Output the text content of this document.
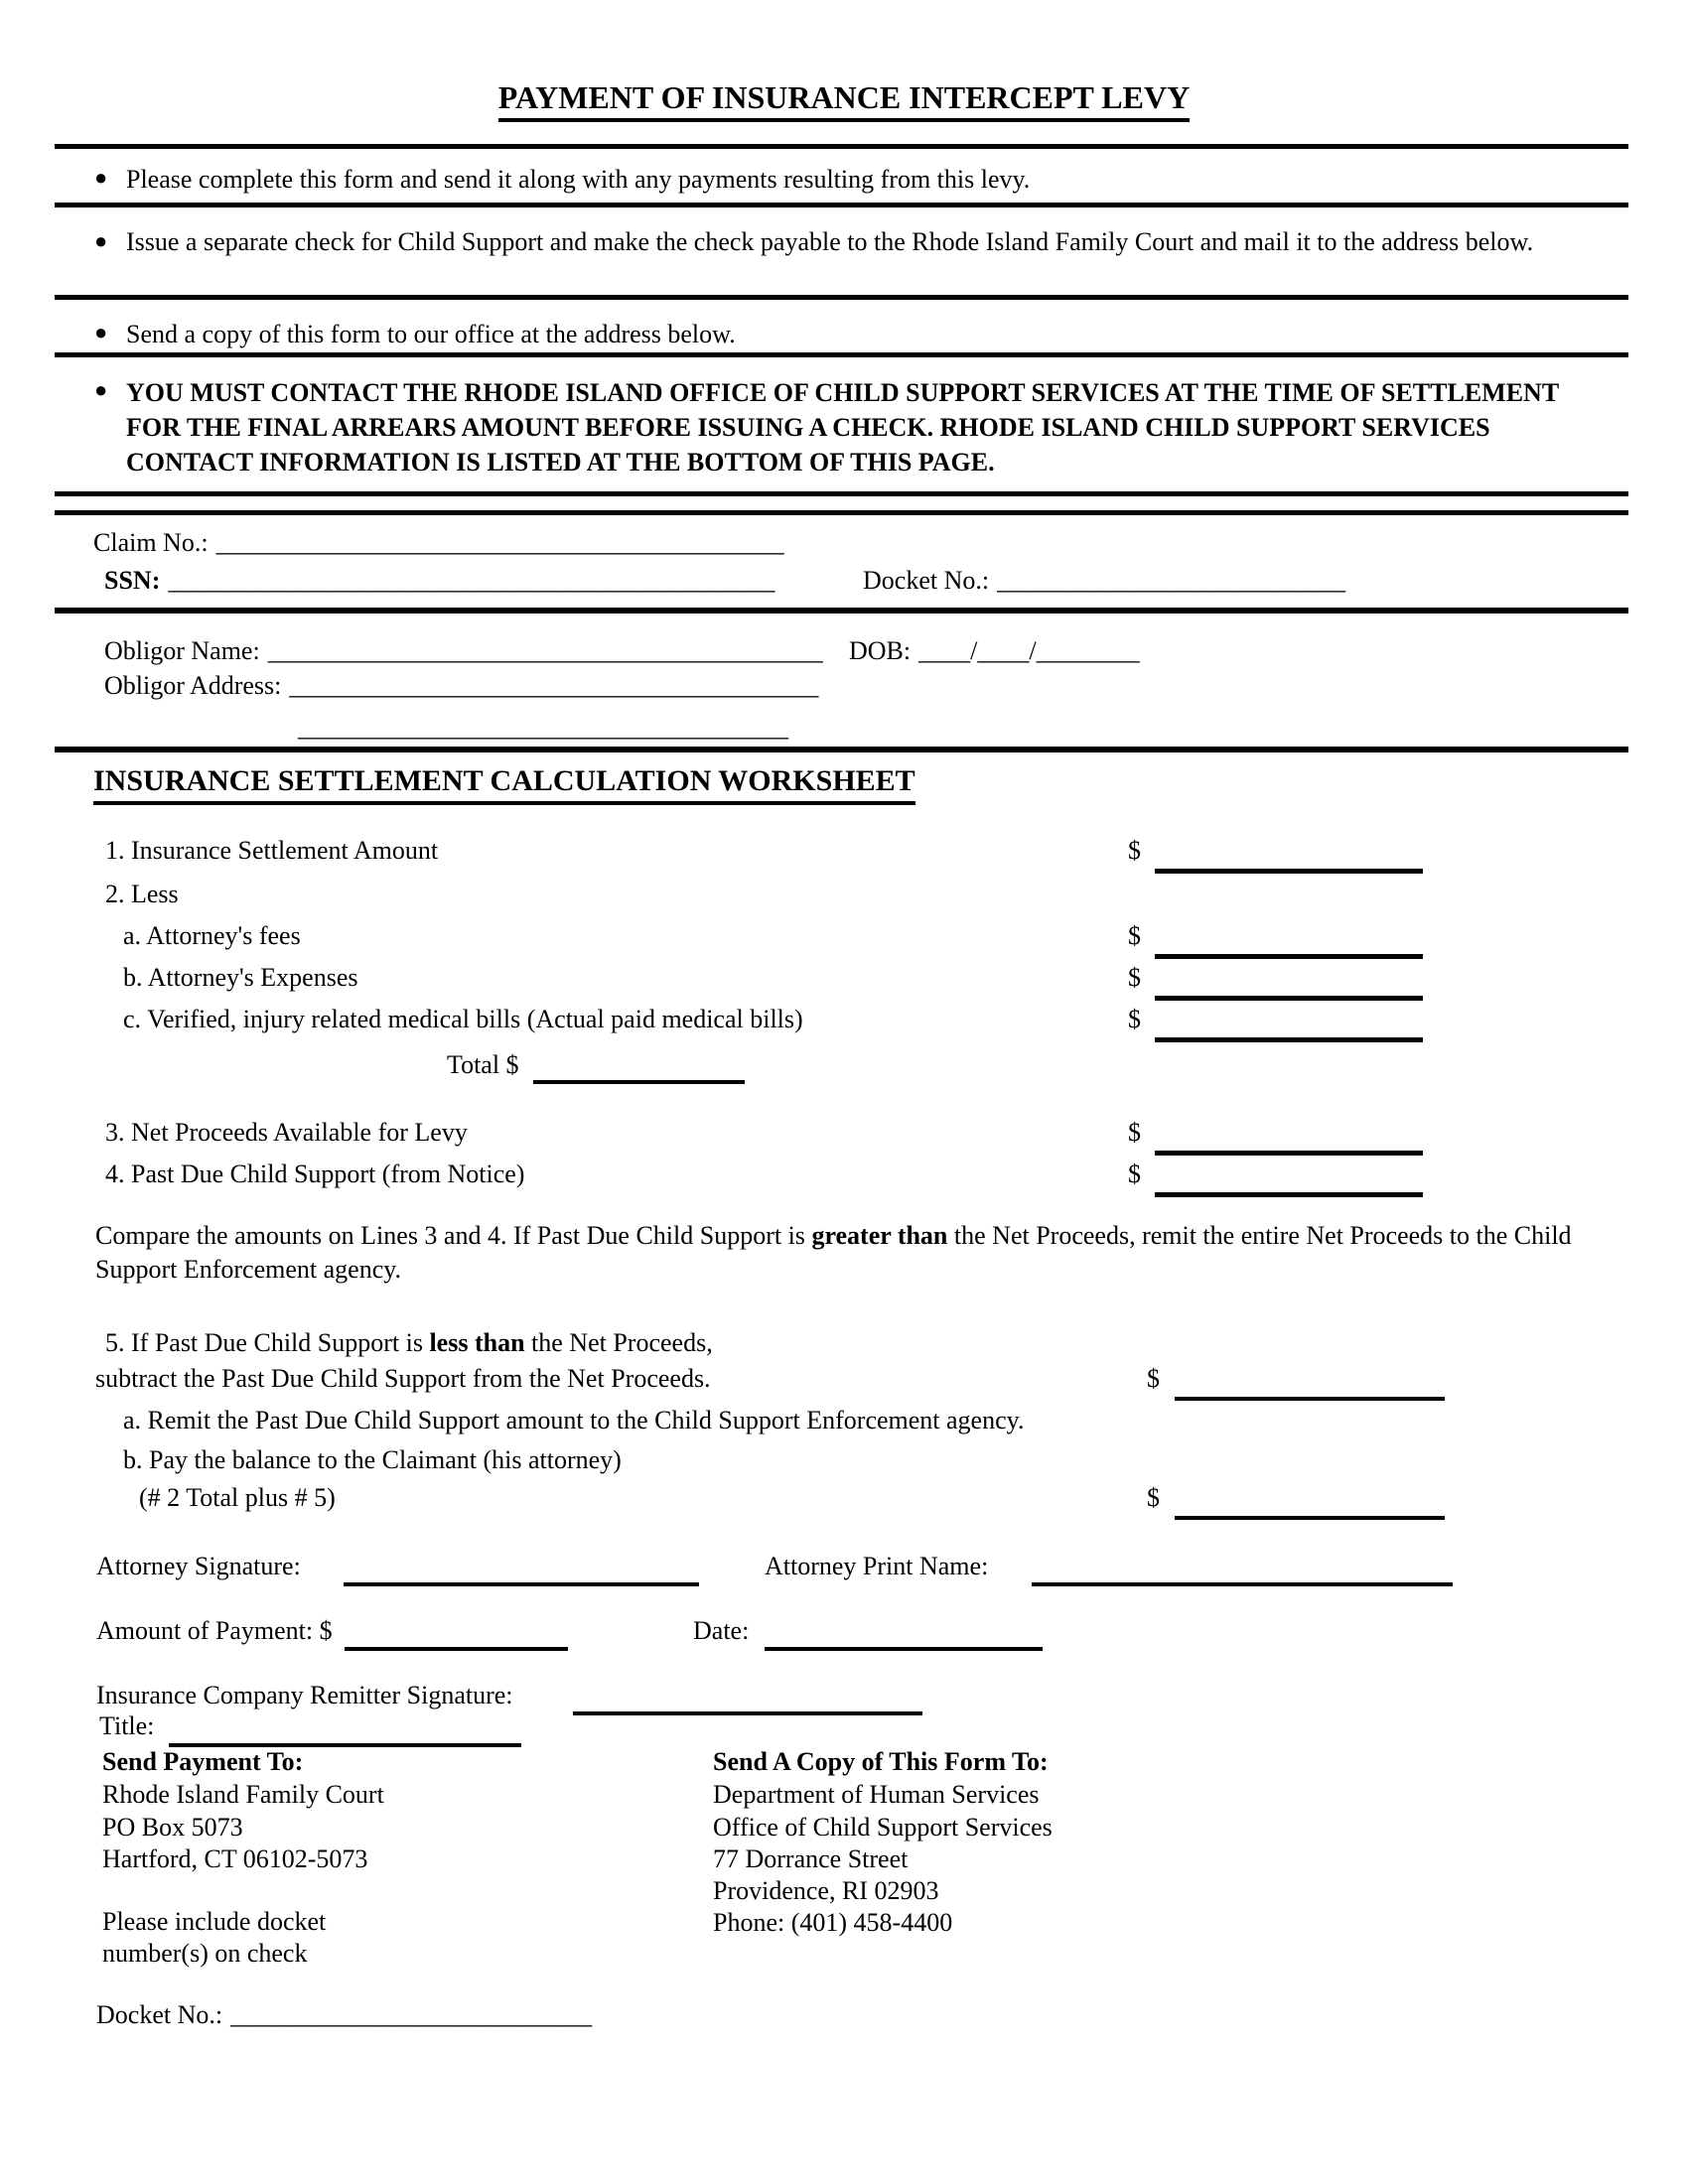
PAYMENT OF INSURANCE INTERCEPT LEVY
● Please complete this form and send it along with any payments resulting from this levy.
● Issue a separate check for Child Support and make the check payable to the Rhode Island Family Court and mail it to the address below.
● Send a copy of this form to our office at the address below.
● YOU MUST CONTACT THE RHODE ISLAND OFFICE OF CHILD SUPPORT SERVICES AT THE TIME OF SETTLEMENT FOR THE FINAL ARREARS AMOUNT BEFORE ISSUING A CHECK. RHODE ISLAND CHILD SUPPORT SERVICES CONTACT INFORMATION IS LISTED AT THE BOTTOM OF THIS PAGE.
Claim No.: ____________________________________________
SSN: _______________________________________________	Docket No.: ___________________________
Obligor Name: ___________________________________________ DOB: ____/____/________
Obligor Address: _________________________________________
______________________________________
INSURANCE SETTLEMENT CALCULATION WORKSHEET
1. Insurance Settlement Amount	$
2. Less
a. Attorney's fees	$
b. Attorney's Expenses	$
c. Verified, injury related medical bills (Actual paid medical bills)	$
Total $
3. Net Proceeds Available for Levy	$
4. Past Due Child Support (from Notice)	$
Compare the amounts on Lines 3 and 4. If Past Due Child Support is greater than the Net Proceeds, remit the entire Net Proceeds to the Child Support Enforcement agency.
5. If Past Due Child Support is less than the Net Proceeds,
subtract the Past Due Child Support from the Net Proceeds.	$
a. Remit the Past Due Child Support amount to the Child Support Enforcement agency.
b. Pay the balance to the Claimant (his attorney)
(# 2 Total plus # 5)	$
Attorney Signature:	Attorney Print Name:
Amount of Payment: $	Date:
Insurance Company Remitter Signature:
Title:
Send Payment To:
Rhode Island Family Court
PO Box 5073
Hartford, CT 06102-5073
Please include docket
number(s) on check
Send A Copy of This Form To:
Department of Human Services
Office of Child Support Services
77 Dorrance Street
Providence, RI 02903
Phone: (401) 458-4400
Docket No.: ____________________________
